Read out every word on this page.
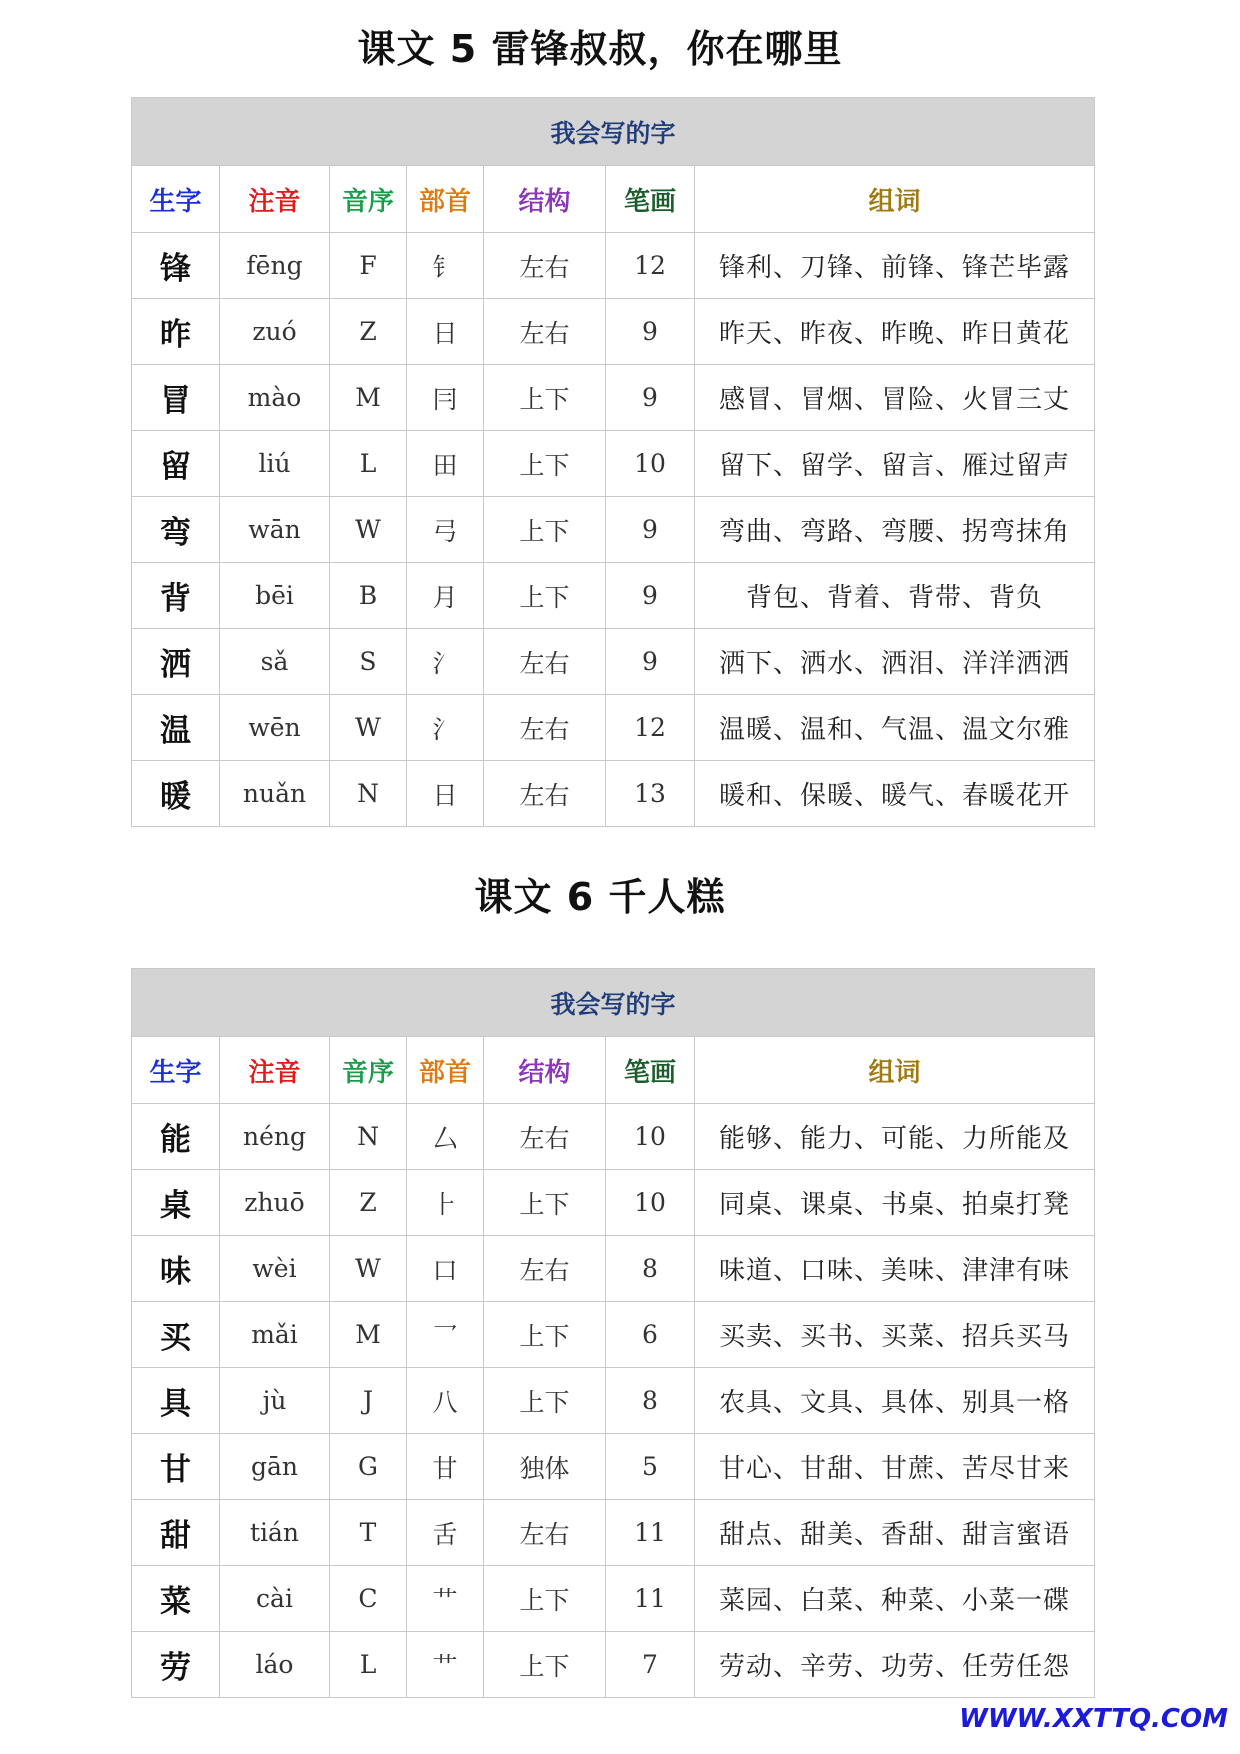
课文 5 雷锋叔叔，你在哪里
我会写的字						
生字	注音	音序	部首	结构	笔画	组词
锋	fēng	F	钅	左右	12	锋利、刀锋、前锋、锋芒毕露
昨	zuó	Z	日	左右	9	昨天、昨夜、昨晚、昨日黄花
冒	mào	M	冃	上下	9	感冒、冒烟、冒险、火冒三丈
留	liú	L	田	上下	10	留下、留学、留言、雁过留声
弯	wān	W	弓	上下	9	弯曲、弯路、弯腰、拐弯抹角
背	bēi	B	月	上下	9	背包、背着、背带、背负
洒	sǎ	S	氵	左右	9	洒下、洒水、洒泪、洋洋洒洒
温	wēn	W	氵	左右	12	温暖、温和、气温、温文尔雅
暖	nuǎn	N	日	左右	13	暖和、保暖、暖气、春暖花开
课文 6 千人糕
我会写的字						
生字	注音	音序	部首	结构	笔画	组词
能	néng	N	厶	左右	10	能够、能力、可能、力所能及
桌	zhuō	Z	⺊	上下	10	同桌、课桌、书桌、拍桌打凳
味	wèi	W	口	左右	8	味道、口味、美味、津津有味
买	mǎi	M	乛	上下	6	买卖、买书、买菜、招兵买马
具	jù	J	八	上下	8	农具、文具、具体、别具一格
甘	gān	G	甘	独体	5	甘心、甘甜、甘蔗、苦尽甘来
甜	tián	T	舌	左右	11	甜点、甜美、香甜、甜言蜜语
菜	cài	C	艹	上下	11	菜园、白菜、种菜、小菜一碟
劳	láo	L	艹	上下	7	劳动、辛劳、功劳、任劳任怨
WWW.XXTTQ.COM
